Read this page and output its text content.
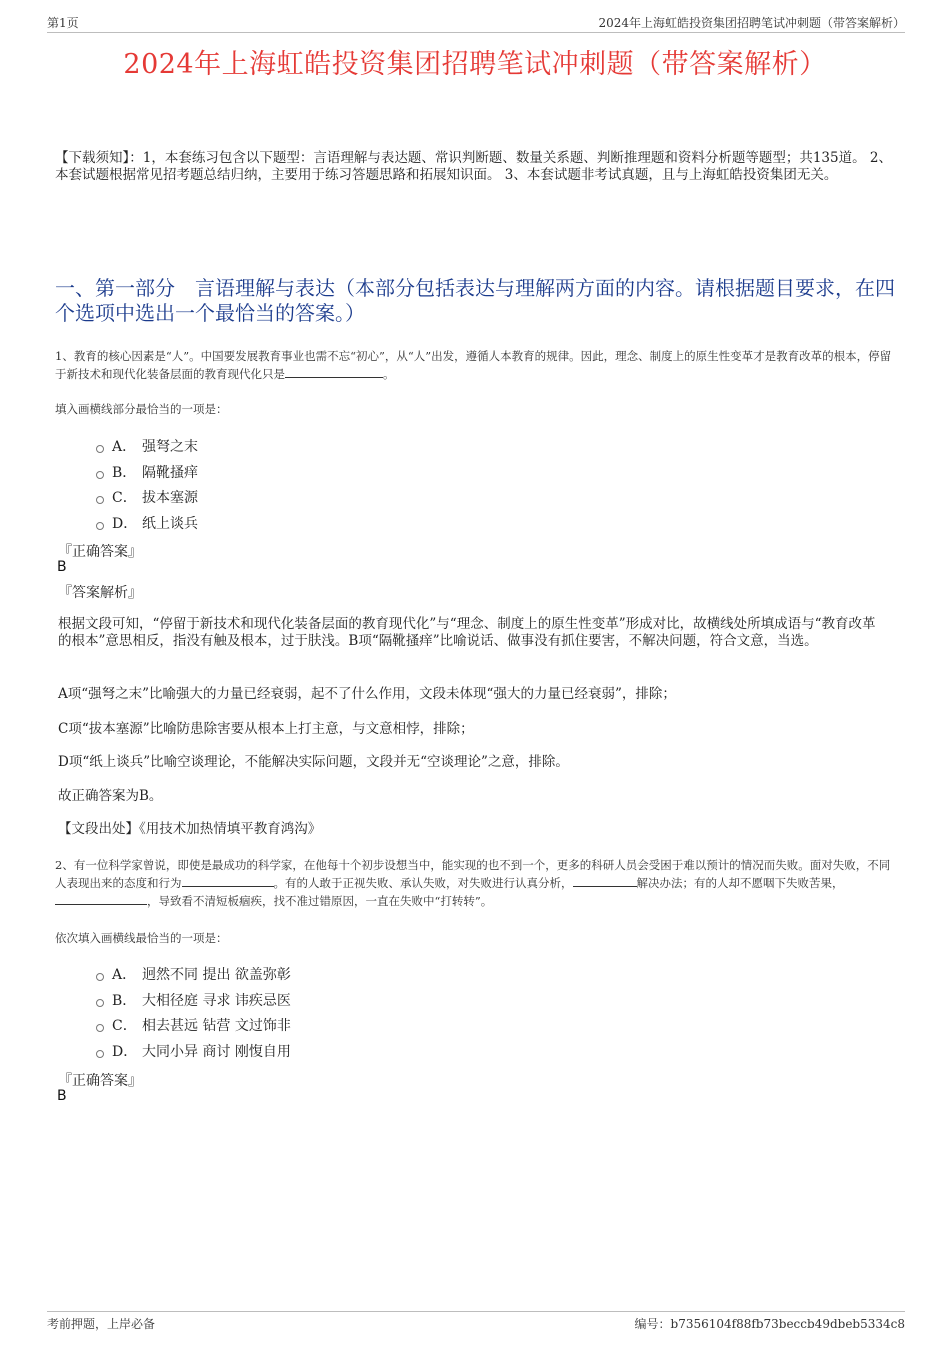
第1页	2024年上海虹皓投资集团招聘笔试冲刺题（带答案解析）
2024年上海虹皓投资集团招聘笔试冲刺题（带答案解析）
【下载须知】：1，本套练习包含以下题型：言语理解与表达题、常识判断题、数量关系题、判断推理题和资料分析题等题型；共135道。 2、本套试题根据常见招考题总结归纳，主要用于练习答题思路和拓展知识面。 3、本套试题非考试真题，且与上海虹皓投资集团无关。
一、第一部分　言语理解与表达（本部分包括表达与理解两方面的内容。请根据题目要求，在四个选项中选出一个最恰当的答案。）
1、教育的核心因素是“人”。中国要发展教育事业也需不忘“初心”，从“人”出发，遵循人本教育的规律。因此，理念、制度上的原生性变革才是教育改革的根本，停留于新技术和现代化装备层面的教育现代化只是	。
填入画横线部分最恰当的一项是：
A． 强弩之末
B． 隔靴搔痒
C． 拔本塞源
D． 纸上谈兵
『正确答案』
B
『答案解析』
根据文段可知，“停留于新技术和现代化装备层面的教育现代化”与“理念、制度上的原生性变革”形成对比，故横线处所填成语与“教育改革的根本”意思相反，指没有触及根本，过于肤浅。B项“隔靴搔痒”比喻说话、做事没有抓住要害，不解决问题，符合文意，当选。
A项“强弩之末”比喻强大的力量已经衰弱，起不了什么作用，文段未体现“强大的力量已经衰弱”，排除；
C项“拔本塞源”比喻防患除害要从根本上打主意，与文意相悖，排除；
D项“纸上谈兵”比喻空谈理论，不能解决实际问题，文段并无“空谈理论”之意，排除。
故正确答案为B。
【文段出处】《用技术加热情填平教育鸿沟》
2、有一位科学家曾说，即使是最成功的科学家，在他每十个初步设想当中，能实现的也不到一个，更多的科研人员会受困于难以预计的情况而失败。面对失败，不同人表现出来的态度和行为	。有的人敢于正视失败、承认失败，对失败进行认真分析，	解决办法；有的人却不愿咽下失败苦果，，导致看不清短板痼疾，找不准过错原因，一直在失败中“打转转”。
依次填入画横线最恰当的一项是：
A． 迥然不同 提出 欲盖弥彰
B． 大相径庭 寻求 讳疾忌医
C． 相去甚远 钻营 文过饰非
D． 大同小异 商讨 刚愎自用
『正确答案』
B
考前押题，上岸必备	编号：b7356104f88fb73beccb49dbeb5334c8
